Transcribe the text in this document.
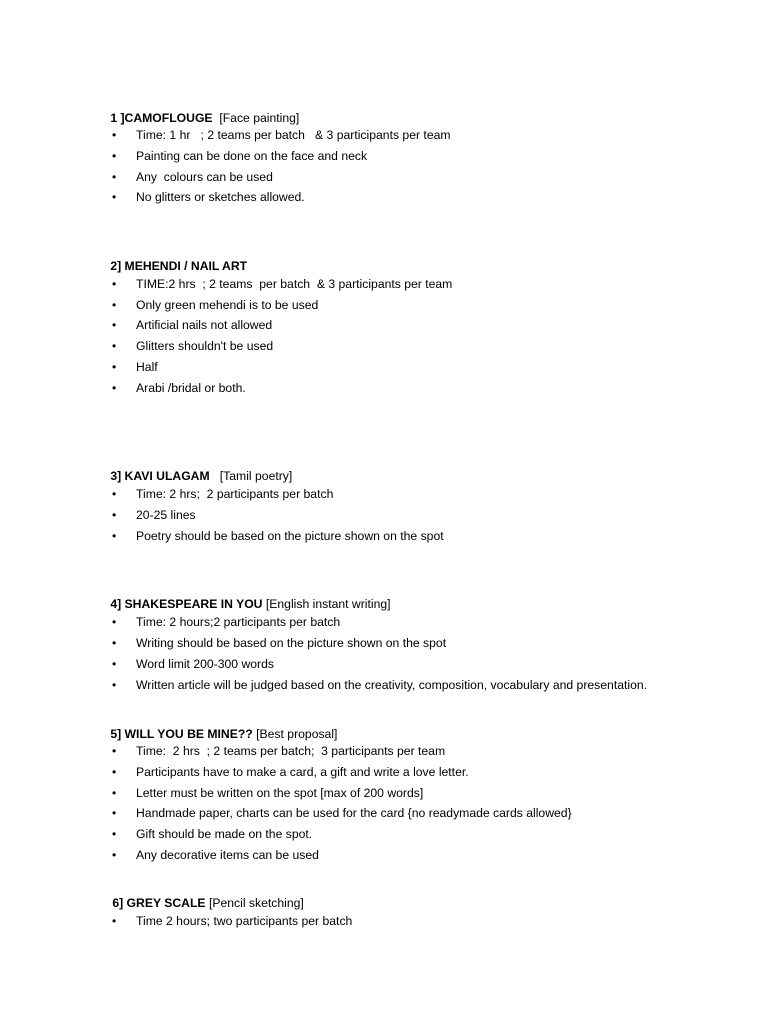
1 ]CAMOFLOUGE  [Face painting]

•	Time: 1 hr   ; 2 teams per batch   & 3 participants per team
•	Painting can be done on the face and neck
•	Any  colours can be used
•	No glitters or sketches allowed.

2] MEHENDI / NAIL ART

•	TIME:2 hrs  ; 2 teams  per batch  & 3 participants per team
•	Only green mehendi is to be used
•	Artificial nails not allowed
•	Glitters shouldn't be used
•	Half
•	Arabi /bridal or both.

3] KAVI ULAGAM   [Tamil poetry]

•	Time: 2 hrs;  2 participants per batch
•	20-25 lines
•	Poetry should be based on the picture shown on the spot

4] SHAKESPEARE IN YOU [English instant writing]

•	Time: 2 hours;2 participants per batch
•	Writing should be based on the picture shown on the spot
•	Word limit 200-300 words
•	Written article will be judged based on the creativity, composition, vocabulary and presentation.

5] WILL YOU BE MINE?? [Best proposal]

•	Time:  2 hrs  ; 2 teams per batch;  3 participants per team
•	Participants have to make a card, a gift and write a love letter.
•	Letter must be written on the spot [max of 200 words]
•	Handmade paper, charts can be used for the card {no readymade cards allowed}
•	Gift should be made on the spot.
•	Any decorative items can be used

6] GREY SCALE [Pencil sketching]

•	Time 2 hours; two participants per batch
